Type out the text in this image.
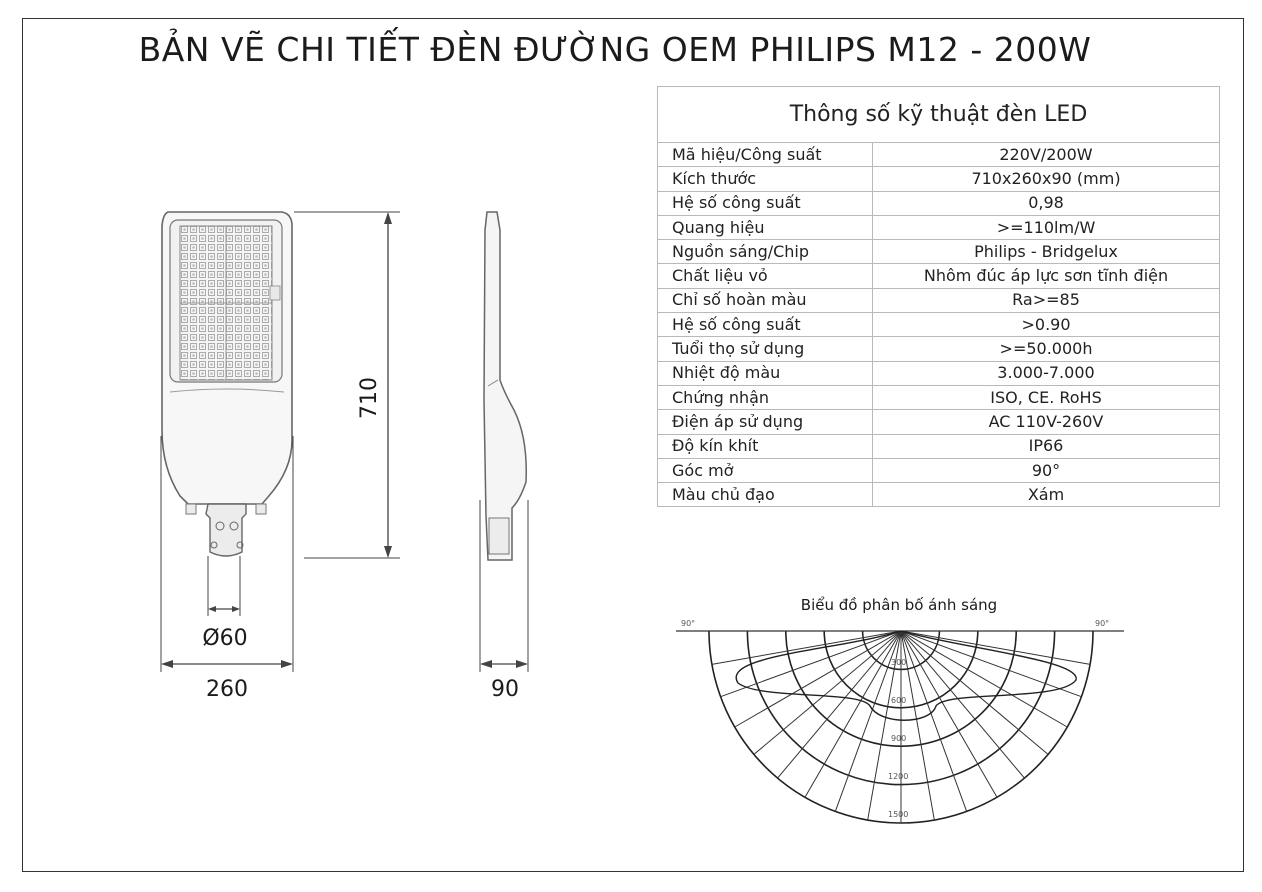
BẢN VẼ CHI TIẾT ĐÈN ĐƯỜNG OEM PHILIPS M12 - 200W
710
260
Ø60
90
Biểu đồ phân bố ánh sáng
90°	90°
300
600
900
1200
1500
Thông số kỹ thuật đèn LED	
Mã hiệu/Công suất	220V/200W
Kích thước	710x260x90 (mm)
Hệ số công suất	0,98
Quang hiệu	>=110lm/W
Nguồn sáng/Chip	Philips - Bridgelux
Chất liệu vỏ	Nhôm đúc áp lực sơn tĩnh điện
Chỉ số hoàn màu	Ra>=85
Hệ số công suất	>0.90
Tuổi thọ sử dụng	>=50.000h
Nhiệt độ màu	3.000-7.000
Chứng nhận	ISO, CE. RoHS
Điện áp sử dụng	AC 110V-260V
Độ kín khít	IP66
Góc mở	90°
Màu chủ đạo	Xám
